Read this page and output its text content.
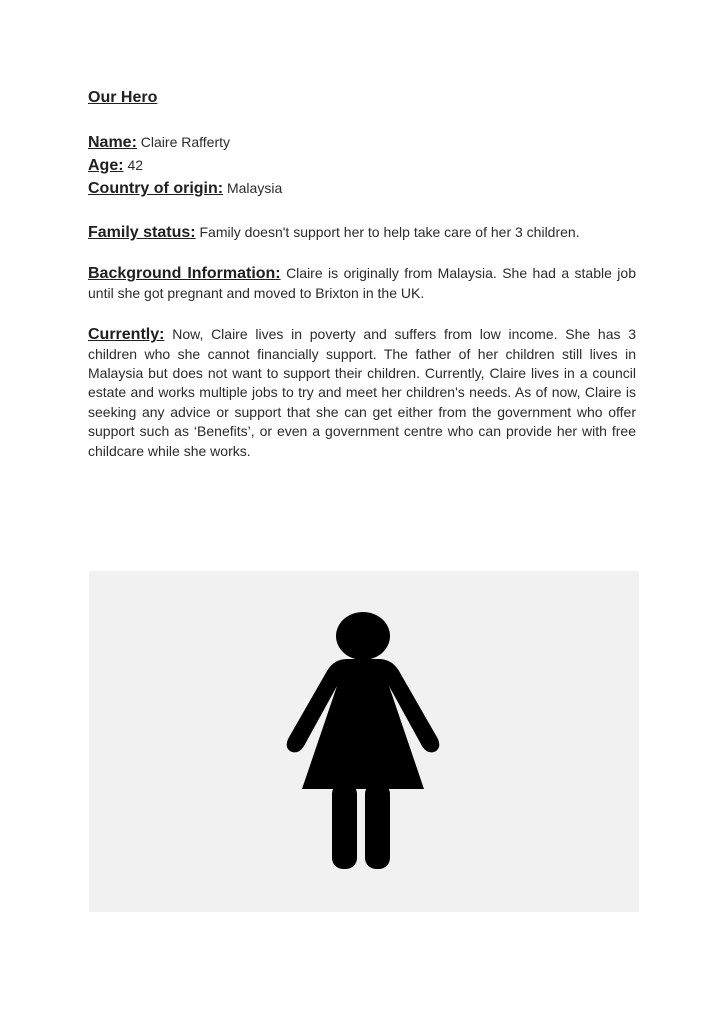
Our Hero

Name: Claire Rafferty

Age: 42

Country of origin: Malaysia

Family status: Family doesn't support her to help take care of her 3 children.

Background Information: Claire is originally from Malaysia. She had a stable job until she got pregnant and moved to Brixton in the UK.

Currently: Now, Claire lives in poverty and suffers from low income. She has 3 children who she cannot financially support. The father of her children still lives in Malaysia but does not want to support their children. Currently, Claire lives in a council estate and works multiple jobs to try and meet her children's needs. As of now, Claire is seeking any advice or support that she can get either from the government who offer support such as ‘Benefits’, or even a government centre who can provide her with free childcare while she works.
